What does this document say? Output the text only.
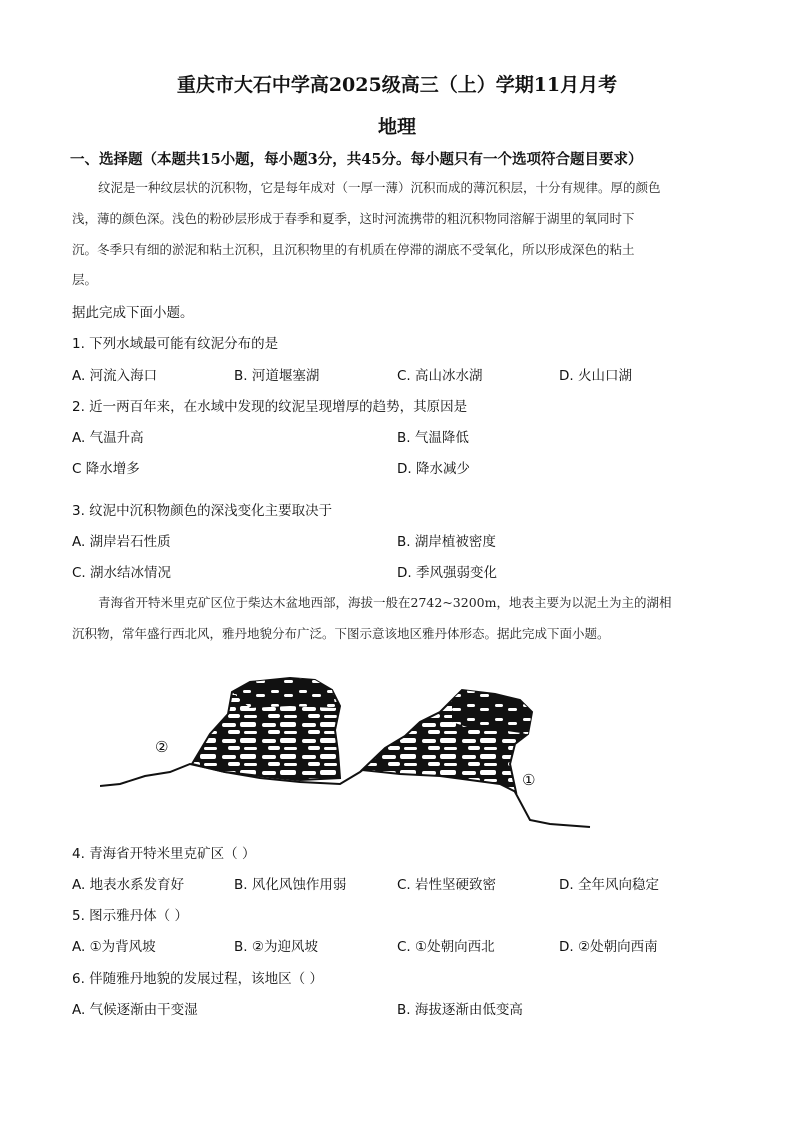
重庆市大石中学高2025级高三（上）学期11月月考
地理
一、选择题（本题共15小题，每小题3分，共45分。每小题只有一个选项符合题目要求）
纹泥是一种纹层状的沉积物，它是每年成对（一厚一薄）沉积而成的薄沉积层，十分有规律。厚的颜色
浅，薄的颜色深。浅色的粉砂层形成于春季和夏季，这时河流携带的粗沉积物同溶解于湖里的氧同时下
沉。冬季只有细的淤泥和粘土沉积，且沉积物里的有机质在停滞的湖底不受氧化，所以形成深色的粘土
层。
据此完成下面小题。
1. 下列水域最可能有纹泥分布的是
A. 河流入海口	B. 河道堰塞湖	C. 高山冰水湖	D. 火山口湖
2. 近一两百年来，在水域中发现的纹泥呈现增厚的趋势，其原因是
A. 气温升高	B. 气温降低
C 降水增多	D. 降水减少
3. 纹泥中沉积物颜色的深浅变化主要取决于
A. 湖岸岩石性质	B. 湖岸植被密度
C. 湖水结冰情况	D. 季风强弱变化
青海省开特米里克矿区位于柴达木盆地西部，海拔一般在2742~3200m，地表主要为以泥土为主的湖相
沉积物，常年盛行西北风，雅丹地貌分布广泛。下图示意该地区雅丹体形态。据此完成下面小题。
②
①
4. 青海省开特米里克矿区（ ）
A. 地表水系发育好	B. 风化风蚀作用弱	C. 岩性坚硬致密	D. 全年风向稳定
5. 图示雅丹体（ ）
A. ①为背风坡	B. ②为迎风坡	C. ①处朝向西北	D. ②处朝向西南
6. 伴随雅丹地貌的发展过程，该地区（ ）
A. 气候逐渐由干变湿	B. 海拔逐渐由低变高
